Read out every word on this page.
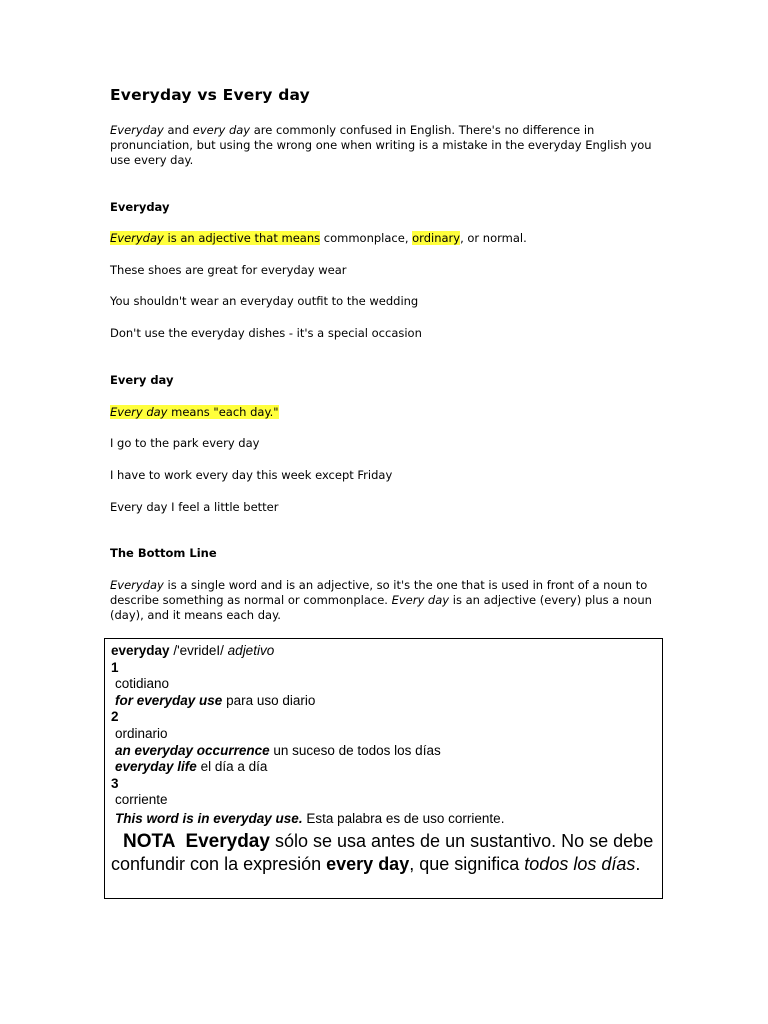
Everyday vs Every day
Everyday and every day are commonly confused in English. There's no difference in pronunciation, but using the wrong one when writing is a mistake in the everyday English you use every day.
Everyday
Everyday is an adjective that means commonplace, ordinary, or normal.
These shoes are great for everyday wear
You shouldn't wear an everyday outfit to the wedding
Don't use the everyday dishes - it's a special occasion
Every day
Every day means "each day."
I go to the park every day
I have to work every day this week except Friday
Every day I feel a little better
The Bottom Line
Everyday is a single word and is an adjective, so it's the one that is used in front of a noun to describe something as normal or commonplace. Every day is an adjective (every) plus a noun (day), and it means each day.
everyday /'evrideI/ adjetivo
1
cotidiano
for everyday use para uso diario
2
ordinario
an everyday occurrence un suceso de todos los días
everyday life el día a día
3
corriente
This word is in everyday use. Esta palabra es de uso corriente.
NOTA Everyday sólo se usa antes de un sustantivo. No se debe confundir con la expresión every day, que significa todos los días.
